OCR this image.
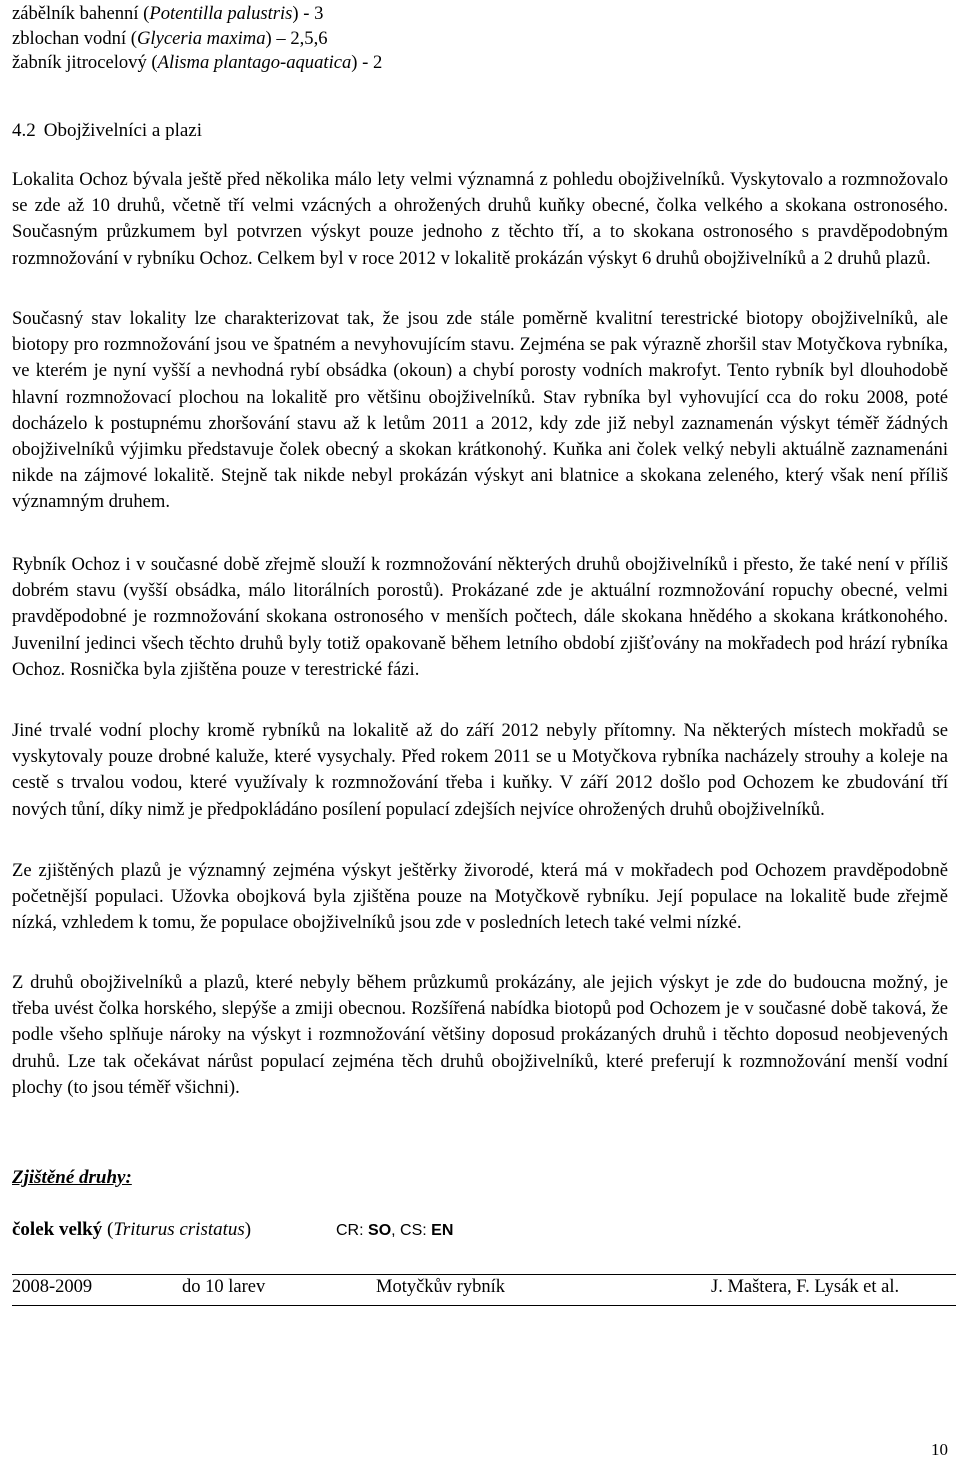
zábělník bahenní (Potentilla palustris) - 3
zblochan vodní (Glyceria maxima) – 2,5,6
žabník jitrocelový (Alisma plantago-aquatica) - 2
4.2 Obojživelníci a plazi

Lokalita Ochoz bývala ještě před několika málo lety velmi významná z pohledu obojživelníků. Vyskytovalo a rozmnožovalo se zde až 10 druhů, včetně tří velmi vzácných a ohrožených druhů kuňky obecné, čolka velkého a skokana ostronosého. Současným průzkumem byl potvrzen výskyt pouze jednoho z těchto tří, a to skokana ostronosého s pravděpodobným rozmnožování v rybníku Ochoz. Celkem byl v roce 2012 v lokalitě prokázán výskyt 6 druhů obojživelníků a 2 druhů plazů.

Současný stav lokality lze charakterizovat tak, že jsou zde stále poměrně kvalitní terestrické biotopy obojživelníků, ale biotopy pro rozmnožování jsou ve špatném a nevyhovujícím stavu. Zejména se pak výrazně zhoršil stav Motyčkova rybníka, ve kterém je nyní vyšší a nevhodná rybí obsádka (okoun) a chybí porosty vodních makrofyt. Tento rybník byl dlouhodobě hlavní rozmnožovací plochou na lokalitě pro většinu obojživelníků. Stav rybníka byl vyhovující cca do roku 2008, poté docházelo k postupnému zhoršování stavu až k letům 2011 a 2012, kdy zde již nebyl zaznamenán výskyt téměř žádných obojživelníků výjimku představuje čolek obecný a skokan krátkonohý. Kuňka ani čolek velký nebyli aktuálně zaznamenáni nikde na zájmové lokalitě. Stejně tak nikde nebyl prokázán výskyt ani blatnice a skokana zeleného, který však není příliš významným druhem.

Rybník Ochoz i v současné době zřejmě slouží k rozmnožování některých druhů obojživelníků i přesto, že také není v příliš dobrém stavu (vyšší obsádka, málo litorálních porostů). Prokázané zde je aktuální rozmnožování ropuchy obecné, velmi pravděpodobné je rozmnožování skokana ostronosého v menších počtech, dále skokana hnědého a skokana krátkonohého. Juvenilní jedinci všech těchto druhů byly totiž opakovaně během letního období zjišťovány na mokřadech pod hrází rybníka Ochoz. Rosnička byla zjištěna pouze v terestrické fázi.

Jiné trvalé vodní plochy kromě rybníků na lokalitě až do září 2012 nebyly přítomny. Na některých místech mokřadů se vyskytovaly pouze drobné kaluže, které vysychaly. Před rokem 2011 se u Motyčkova rybníka nacházely strouhy a koleje na cestě s trvalou vodou, které využívaly k rozmnožování třeba i kuňky. V září 2012 došlo pod Ochozem ke zbudování tří nových tůní, díky nimž je předpokládáno posílení populací zdejších nejvíce ohrožených druhů obojživelníků.

Ze zjištěných plazů je významný zejména výskyt ještěrky živorodé, která má v mokřadech pod Ochozem pravděpodobně početnější populaci. Užovka obojková byla zjištěna pouze na Motyčkově rybníku. Její populace na lokalitě bude zřejmě nízká, vzhledem k tomu, že populace obojživelníků jsou zde v posledních letech také velmi nízké.

Z druhů obojživelníků a plazů, které nebyly během průzkumů prokázány, ale jejich výskyt je zde do budoucna možný, je třeba uvést čolka horského, slepýše a zmiji obecnou. Rozšířená nabídka biotopů pod Ochozem je v současné době taková, že podle všeho splňuje nároky na výskyt i rozmnožování většiny doposud prokázaných druhů i těchto doposud neobjevených druhů. Lze tak očekávat nárůst populací zejména těch druhů obojživelníků, které preferují k rozmnožování menší vodní plochy (to jsou téměř všichni).

Zjištěné druhy:
čolek velký (Triturus cristatus)	CR: SO, CS: EN
2008-2009	do 10 larev	Motyčkův rybník	J. Maštera, F. Lysák et al.
10
